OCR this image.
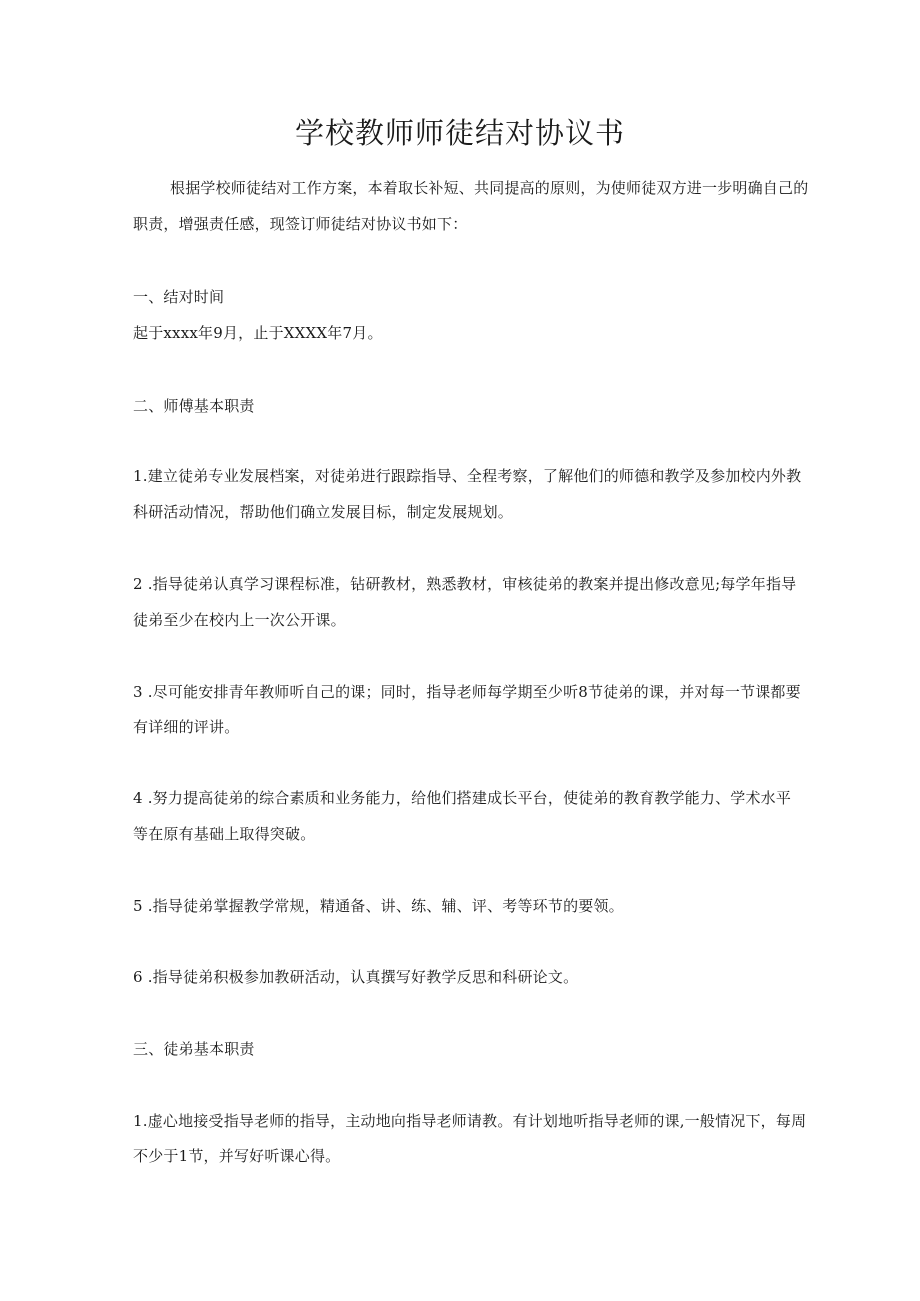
学校教师师徒结对协议书
根据学校师徒结对工作方案，本着取长补短、共同提高的原则，为使师徒双方进一步明确自己的
职责，增强责任感，现签订师徒结对协议书如下：
一、结对时间
起于xxxx年9月，止于XXXX年7月。
二、师傅基本职责
1.建立徒弟专业发展档案，对徒弟进行跟踪指导、全程考察，了解他们的师德和教学及参加校内外教
科研活动情况，帮助他们确立发展目标，制定发展规划。
2 .指导徒弟认真学习课程标准，钻研教材，熟悉教材，审核徒弟的教案并提出修改意见;每学年指导
徒弟至少在校内上一次公开课。
3 .尽可能安排青年教师听自己的课；同时，指导老师每学期至少听8节徒弟的课，并对每一节课都要
有详细的评讲。
4 .努力提高徒弟的综合素质和业务能力，给他们搭建成长平台，使徒弟的教育教学能力、学术水平
等在原有基础上取得突破。
5 .指导徒弟掌握教学常规，精通备、讲、练、辅、评、考等环节的要领。
6 .指导徒弟积极参加教研活动，认真撰写好教学反思和科研论文。
三、徒弟基本职责
1.虚心地接受指导老师的指导，主动地向指导老师请教。有计划地听指导老师的课,一般情况下，每周
不少于1节，并写好听课心得。
